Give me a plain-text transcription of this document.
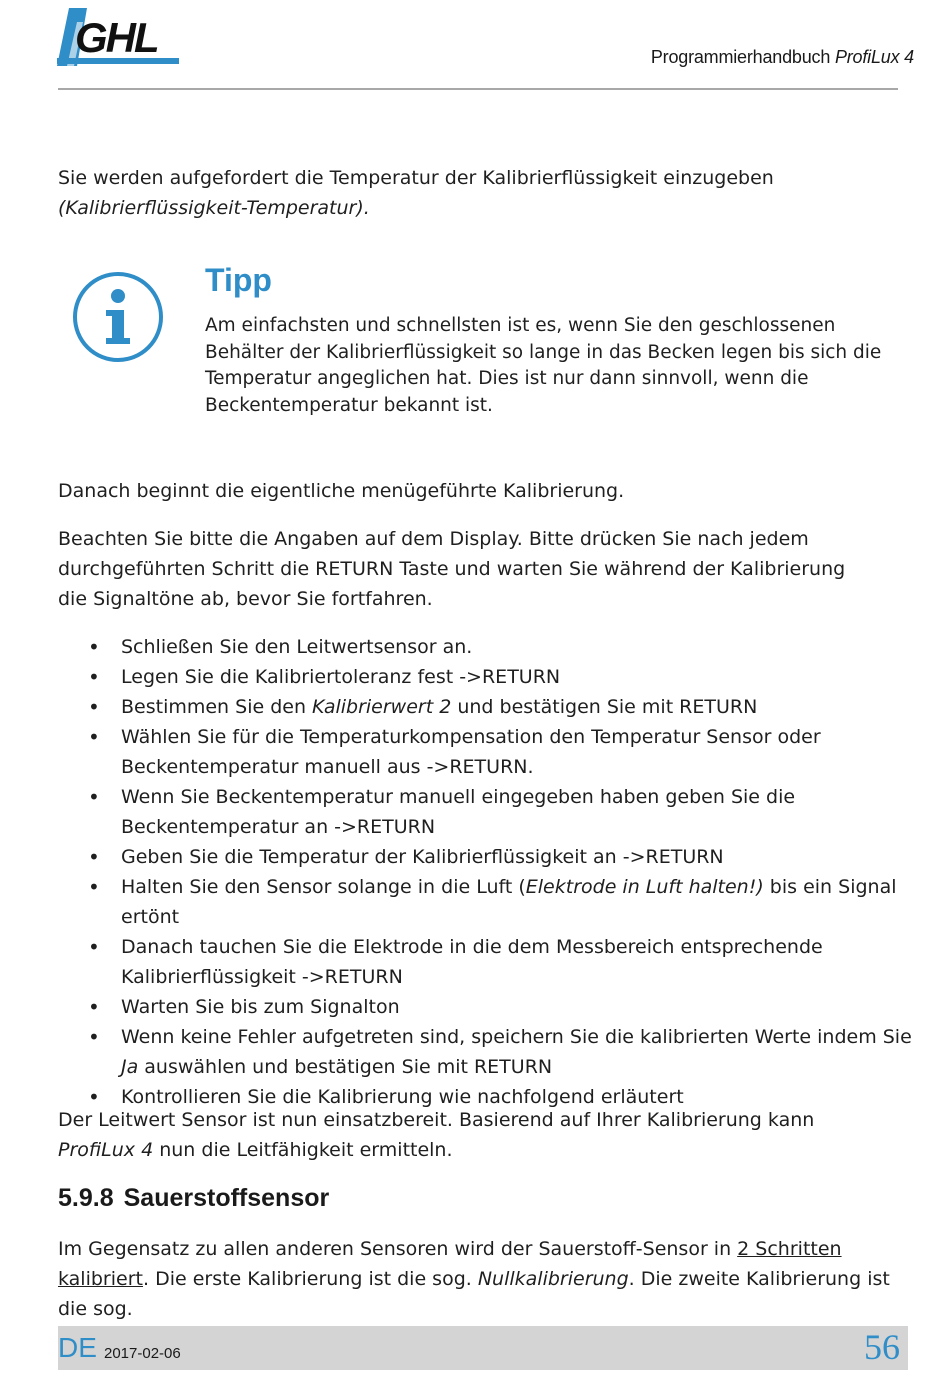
GHL	Programmierhandbuch ProfiLux 4

Sie werden aufgefordert die Temperatur der Kalibrierflüssigkeit einzugeben
(Kalibrierflüssigkeit-Temperatur).

Tipp

Am einfachsten und schnellsten ist es, wenn Sie den geschlossenen Behälter der Kalibrierflüssigkeit so lange in das Becken legen bis sich die Temperatur angeglichen hat. Dies ist nur dann sinnvoll, wenn die Beckentemperatur bekannt ist.

Danach beginnt die eigentliche menügeführte Kalibrierung.

Beachten Sie bitte die Angaben auf dem Display. Bitte drücken Sie nach jedem durchgeführten Schritt die RETURN Taste und warten Sie während der Kalibrierung die Signaltöne ab, bevor Sie fortfahren.

• Schließen Sie den Leitwertsensor an.
• Legen Sie die Kalibriertoleranz fest ->RETURN
• Bestimmen Sie den Kalibrierwert 2 und bestätigen Sie mit RETURN
• Wählen Sie für die Temperaturkompensation den Temperatur Sensor oder Beckentemperatur manuell aus ->RETURN.
• Wenn Sie Beckentemperatur manuell eingegeben haben geben Sie die Beckentemperatur an ->RETURN
• Geben Sie die Temperatur der Kalibrierflüssigkeit an ->RETURN
• Halten Sie den Sensor solange in die Luft (Elektrode in Luft halten!) bis ein Signal ertönt
• Danach tauchen Sie die Elektrode in die dem Messbereich entsprechende Kalibrierflüssigkeit ->RETURN
• Warten Sie bis zum Signalton
• Wenn keine Fehler aufgetreten sind, speichern Sie die kalibrierten Werte indem Sie Ja auswählen und bestätigen Sie mit RETURN
• Kontrollieren Sie die Kalibrierung wie nachfolgend erläutert

Der Leitwert Sensor ist nun einsatzbereit. Basierend auf Ihrer Kalibrierung kann ProfiLux 4 nun die Leitfähigkeit ermitteln.

5.9.8 Sauerstoffsensor

Im Gegensatz zu allen anderen Sensoren wird der Sauerstoff-Sensor in 2 Schritten kalibriert. Die erste Kalibrierung ist die sog. Nullkalibrierung. Die zweite Kalibrierung ist die sog.

DE 2017-02-06	56
